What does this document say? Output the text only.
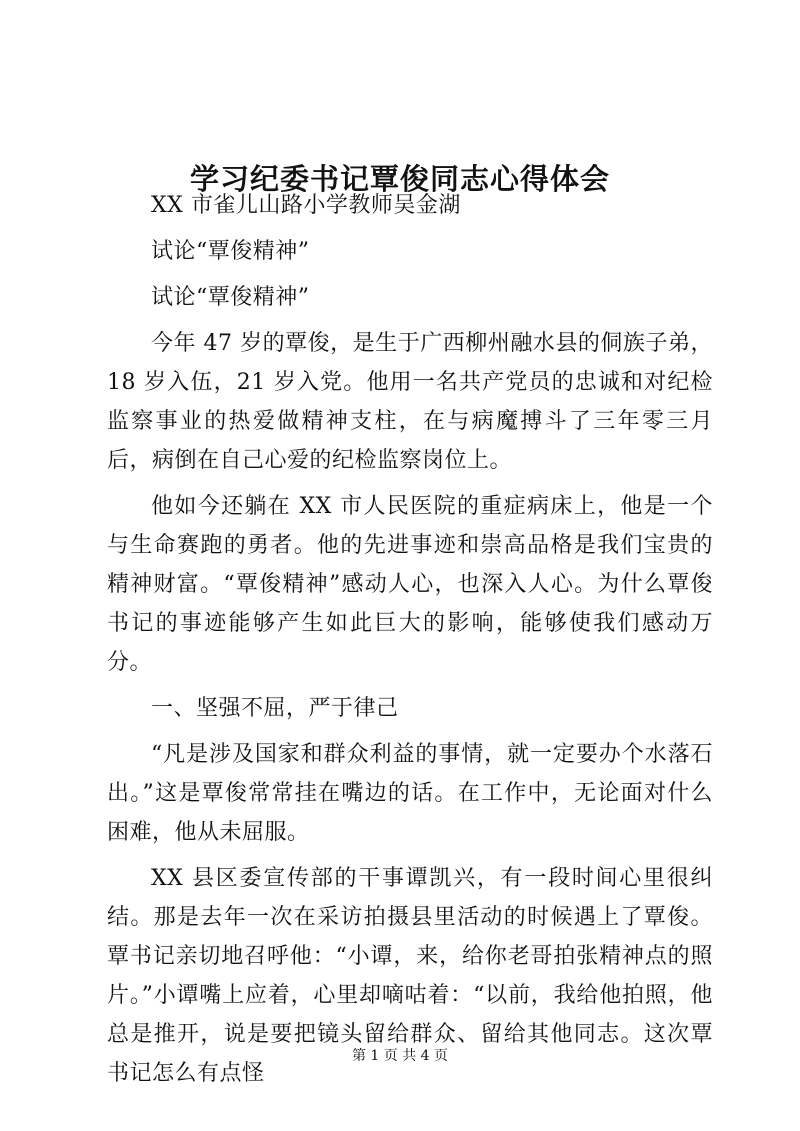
学习纪委书记覃俊同志心得体会

XX 市雀儿山路小学教师吴金湖

试论“覃俊精神”

试论“覃俊精神”

今年 47 岁的覃俊，是生于广西柳州融水县的侗族子弟，18 岁入伍，21 岁入党。他用一名共产党员的忠诚和对纪检监察事业的热爱做精神支柱，在与病魔搏斗了三年零三月后，病倒在自己心爱的纪检监察岗位上。

他如今还躺在 XX 市人民医院的重症病床上，他是一个与生命赛跑的勇者。他的先进事迹和崇高品格是我们宝贵的精神财富。“覃俊精神”感动人心，也深入人心。为什么覃俊书记的事迹能够产生如此巨大的影响，能够使我们感动万分。

一、坚强不屈，严于律己

“凡是涉及国家和群众利益的事情，就一定要办个水落石出。”这是覃俊常常挂在嘴边的话。在工作中，无论面对什么困难，他从未屈服。

XX 县区委宣传部的干事谭凯兴，有一段时间心里很纠结。那是去年一次在采访拍摄县里活动的时候遇上了覃俊。覃书记亲切地召呼他：“小谭，来，给你老哥拍张精神点的照片。”小谭嘴上应着，心里却嘀咕着：“以前，我给他拍照，他总是推开，说是要把镜头留给群众、留给其他同志。这次覃书记怎么有点怪

第 1 页 共 4 页
